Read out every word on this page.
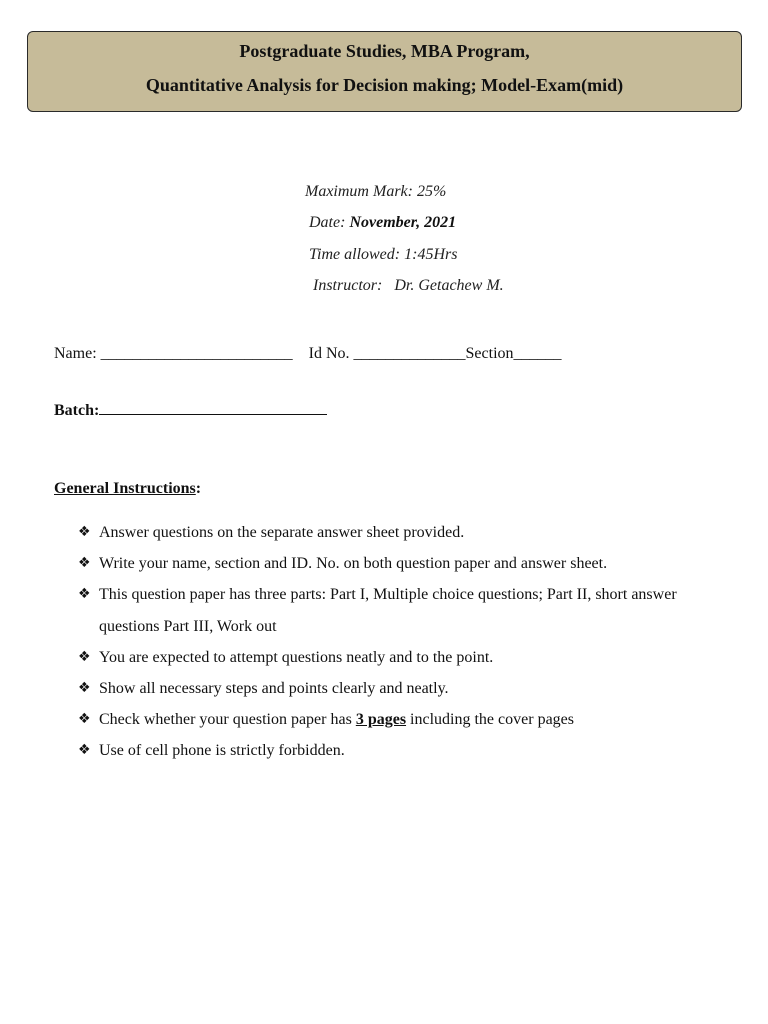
Postgraduate Studies, MBA Program,
Quantitative Analysis for Decision making; Model-Exam(mid)
Maximum Mark: 25%
Date: November, 2021
Time allowed: 1:45Hrs
Instructor:   Dr. Getachew M.
Name: ________________________    Id No. ______________Section______
Batch:
General Instructions:
❖ Answer questions on the separate answer sheet provided.
❖ Write your name, section and ID. No. on both question paper and answer sheet.
❖ This question paper has three parts: Part I, Multiple choice questions; Part II, short answer questions Part III, Work out
❖ You are expected to attempt questions neatly and to the point.
❖ Show all necessary steps and points clearly and neatly.
❖ Check whether your question paper has 3 pages including the cover pages
❖ Use of cell phone is strictly forbidden.
